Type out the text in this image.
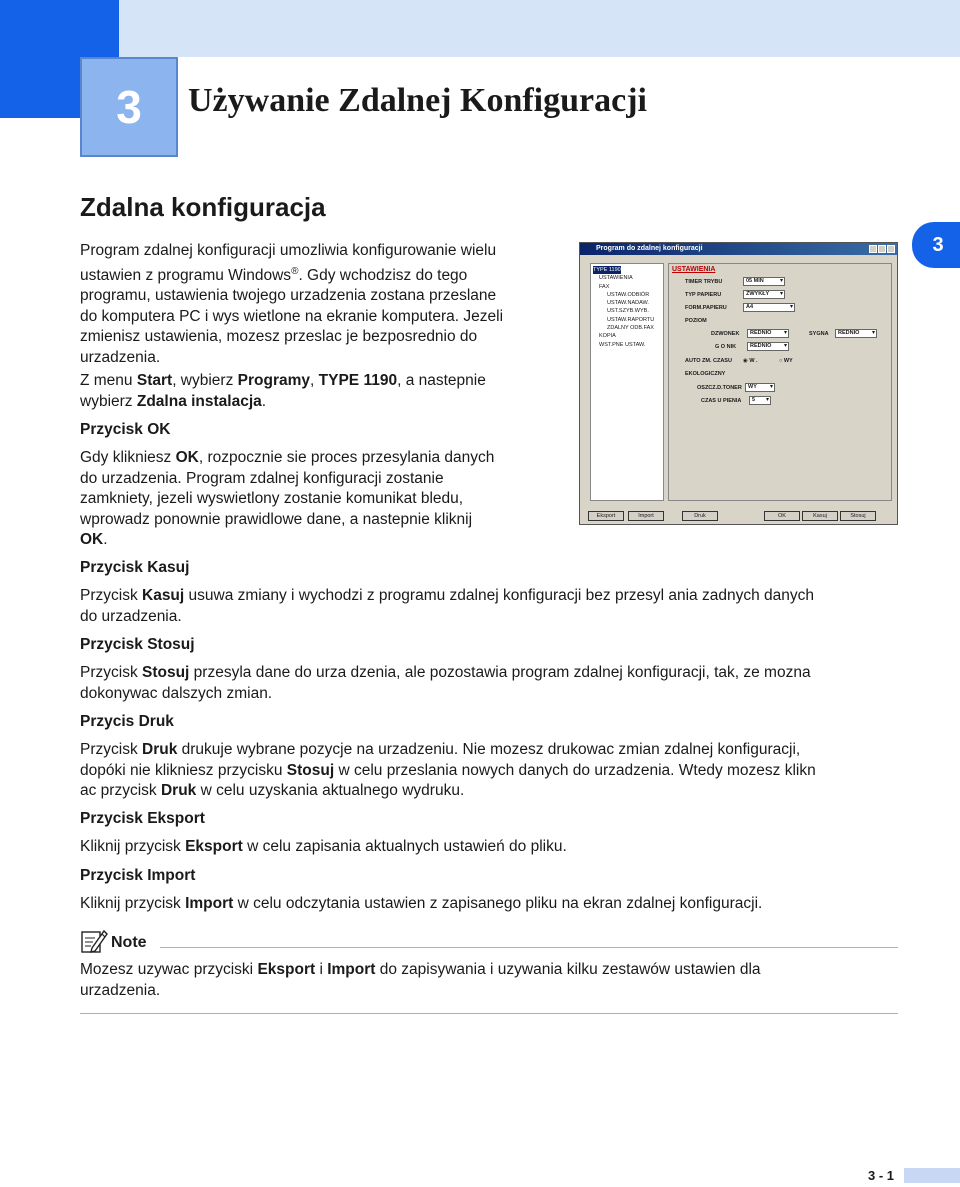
3 Używanie Zdalnej Konfiguracji
3
Zdalna konfiguracja
Program zdalnej konfiguracji umozliwia konfigurowanie wielu
ustawien z programu Windows®. Gdy wchodzisz do tego
programu, ustawienia twojego urzadzenia zostana przeslane
do komputera PC i wys wietlone na ekranie komputera. Jezeli
zmienisz ustawienia, mozesz przeslac je bezposrednio do
urzadzenia.
Z menu Start, wybierz Programy, TYPE 1190, a nastepnie
wybierz Zdalna instalacja.
Przycisk OK
Gdy klikniesz OK, rozpocznie sie proces przesylania danych
do urzadzenia. Program zdalnej konfiguracji zostanie
zamkniety, jezeli wyswietlony zostanie komunikat bledu,
wprowadz ponownie prawidlowe dane, a nastepnie kliknij
OK.
Program do zdalnej konfiguracji
TYPE 1190
USTAWIENIA
FAX
USTAW.ODBIÓR
USTAW.NADAW.
UST.SZYB.WYB.
USTAW.RAPORTU
ZDALNY ODB.FAX
KOPIA
WST.PNE USTAW.
USTAWIENIA
TIMER TRYBU	05 MIN ▾
TYP PAPIERU	ZWYKŁY ▾
FORM.PAPIERU	A4 ▾
POZIOM
DZWONEK	REDNIO ▾	SYGNA	REDNIO ▾
G O NIK	REDNIO ▾
AUTO ZM. CZASU ◉ W .	○ WY
EKOLOGICZNY
OSZCZ.D.TONER	WY ▾
CZAS U PIENIA	5 ▾
Eksport	Import	Druk	OK	Kasuj	Stosuj
Przycisk Kasuj
Przycisk Kasuj usuwa zmiany i wychodzi z programu zdalnej konfiguracji bez przesyl ania zadnych danych
do urzadzenia.
Przycisk Stosuj
Przycisk Stosuj przesyla dane do urza dzenia, ale pozostawia program zdalnej konfiguracji, tak, ze mozna
dokonywac dalszych zmian.
Przycis Druk
Przycisk Druk drukuje wybrane pozycje na urzadzeniu. Nie mozesz drukowac zmian zdalnej konfiguracji,
dopóki nie klikniesz przycisku Stosuj w celu przeslania nowych danych do urzadzenia. Wtedy mozesz klikn
ac przycisk Druk w celu uzyskania aktualnego wydruku.
Przycisk Eksport
Kliknij przycisk Eksport w celu zapisania aktualnych ustawień do pliku.
Przycisk Import
Kliknij przycisk Import w celu odczytania ustawien z zapisanego pliku na ekran zdalnej konfiguracji.
Note
Mozesz uzywac przyciski Eksport i Import do zapisywania i uzywania kilku zestawów ustawien dla
urzadzenia.
3 - 1
